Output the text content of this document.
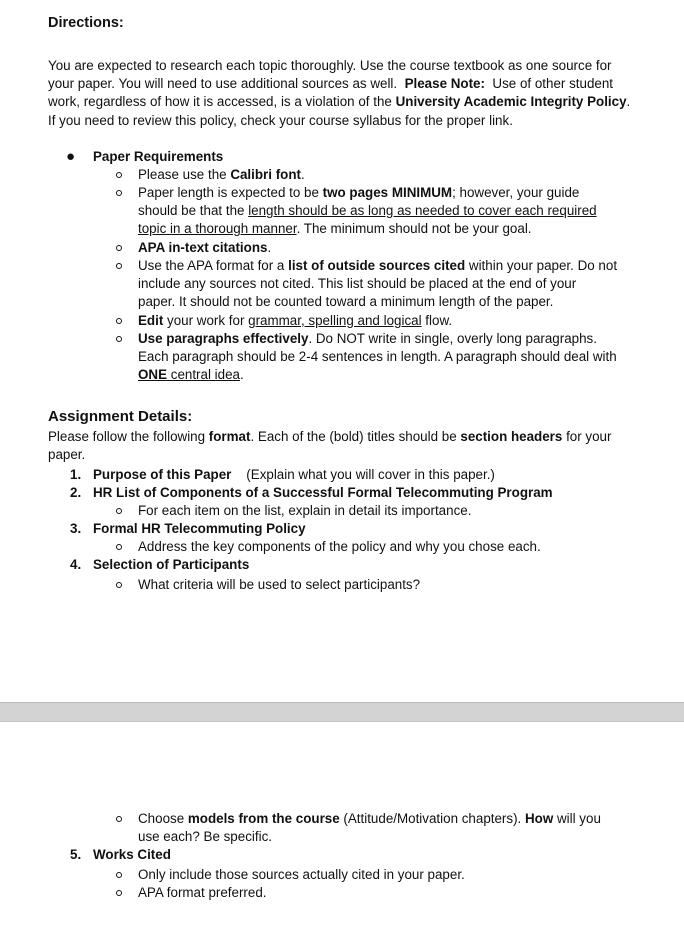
Directions:

You are expected to research each topic thoroughly. Use the course textbook as one source for

your paper. You will need to use additional sources as well. Please Note: Use of other student

work, regardless of how it is accessed, is a violation of the University Academic Integrity Policy.

If you need to review this policy, check your course syllabus for the proper link.

● Paper Requirements
Please use the Calibri font.
Paper length is expected to be two pages MINIMUM; however, your guide
should be that the length should be as long as needed to cover each required
topic in a thorough manner. The minimum should not be your goal.
APA in-text citations.
Use the APA format for a list of outside sources cited within your paper. Do not
include any sources not cited. This list should be placed at the end of your
paper. It should not be counted toward a minimum length of the paper.
Edit your work for grammar, spelling and logical flow.
Use paragraphs effectively. Do NOT write in single, overly long paragraphs.
Each paragraph should be 2-4 sentences in length. A paragraph should deal with
ONE central idea.
Assignment Details:

Please follow the following format. Each of the (bold) titles should be section headers for your

paper.

1. Purpose of this Paper (Explain what you will cover in this paper.)
2. HR List of Components of a Successful Formal Telecommuting Program
For each item on the list, explain in detail its importance.
3. Formal HR Telecommuting Policy
Address the key components of the policy and why you chose each.
4. Selection of Participants
What criteria will be used to select participants?
Choose models from the course (Attitude/Motivation chapters). How will you
use each? Be specific.
5. Works Cited
Only include those sources actually cited in your paper.
APA format preferred.
